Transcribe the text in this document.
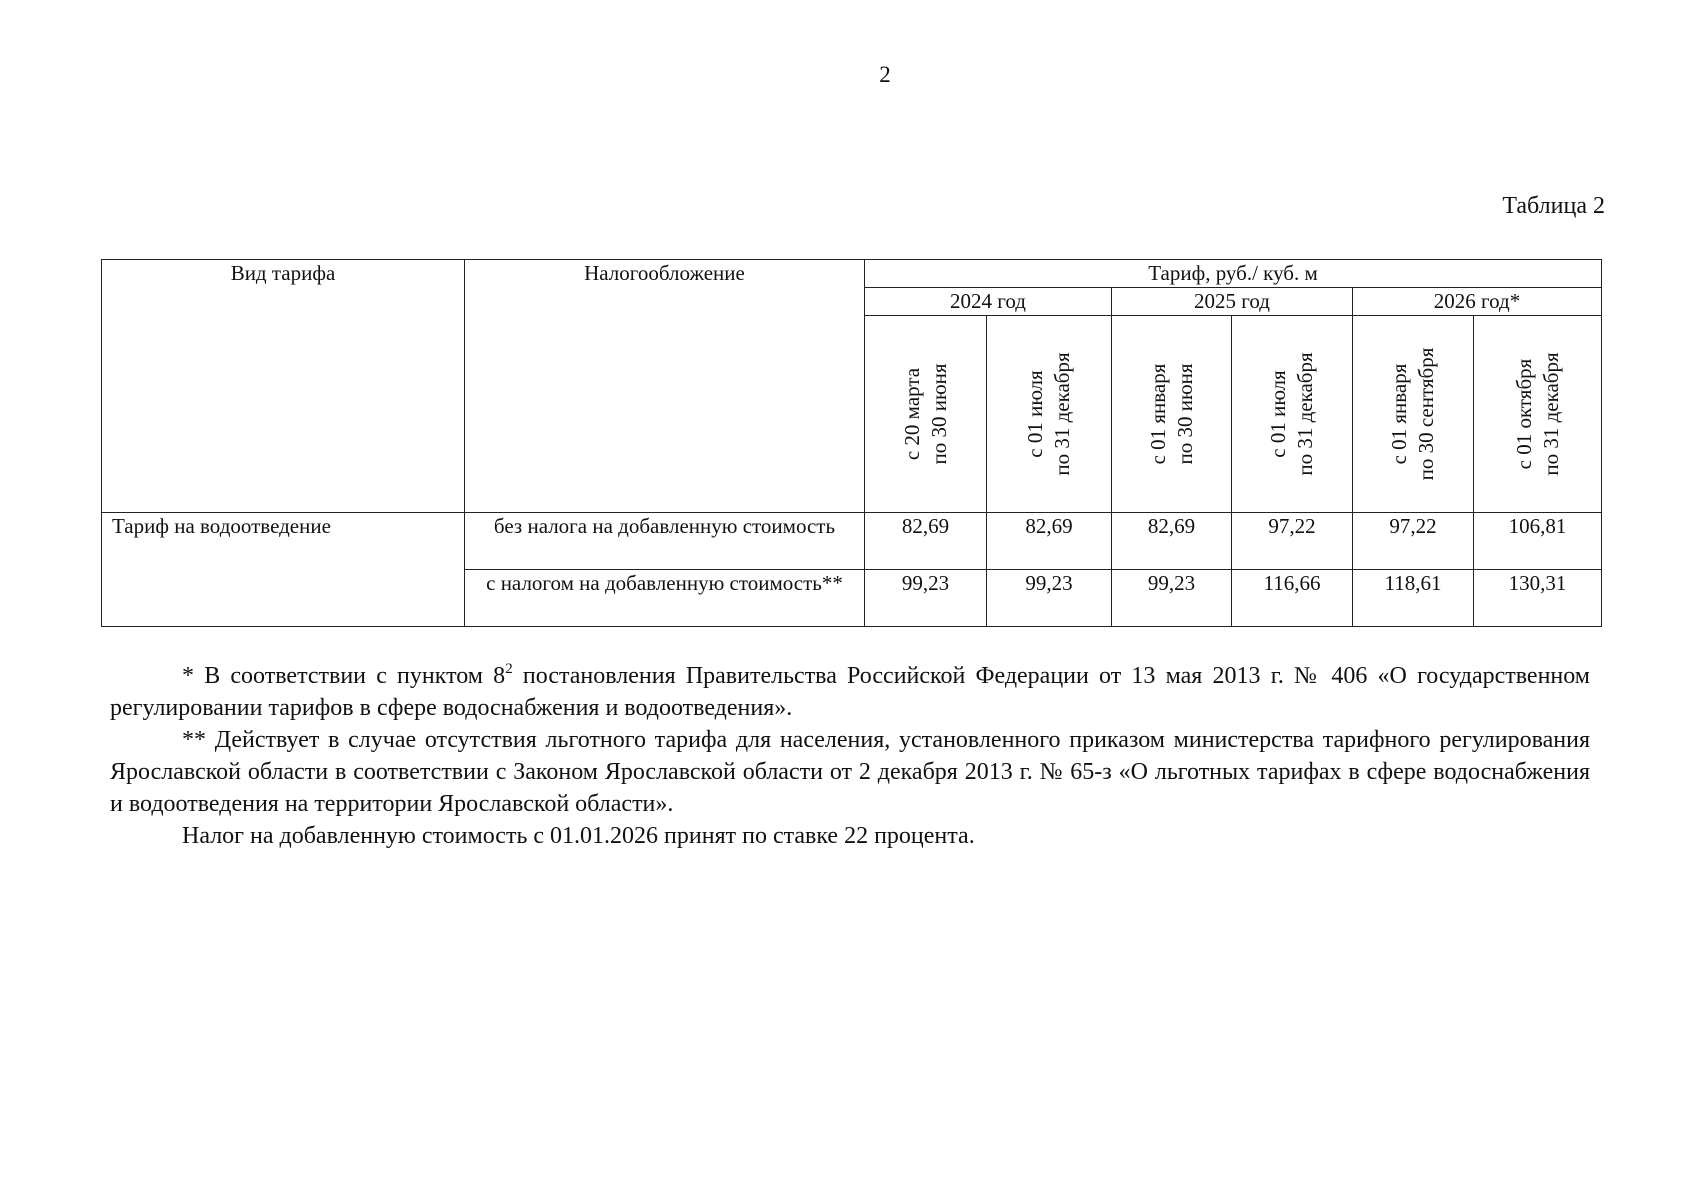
2
Таблица 2
Вид тарифа	Налогообложение	Тариф, руб./ куб. м					
		2024 год		2025 год		2026 год*	

		с 20 марта по 30 июня	с 01 июля по 31 декабря	с 01 января по 30 июня	с 01 июля по 31 декабря	с 01 января по 30 сентября	с 01 октября по 31 декабря

Тариф на водоотведение	без налога на добавленную стоимость	82,69	82,69	82,69	97,22	97,22	106,81
	с налогом на добавленную стоимость**	99,23	99,23	99,23	116,66	118,61	130,31

* В соответствии с пунктом $8^2$ постановления Правительства Российской Федерации от 13 мая 2013 г. № 406 «О государственном регулировании тарифов в сфере водоснабжения и водоотведения».

** Действует в случае отсутствия льготного тарифа для населения, установленного приказом министерства тарифного регулирования Ярославской области в соответствии с Законом Ярославской области от 2 декабря 2013 г. № 65-з «О льготных тарифах в сфере водоснабжения и водоотведения на территории Ярославской области».

Налог на добавленную стоимость с 01.01.2026 принят по ставке 22 процента.
